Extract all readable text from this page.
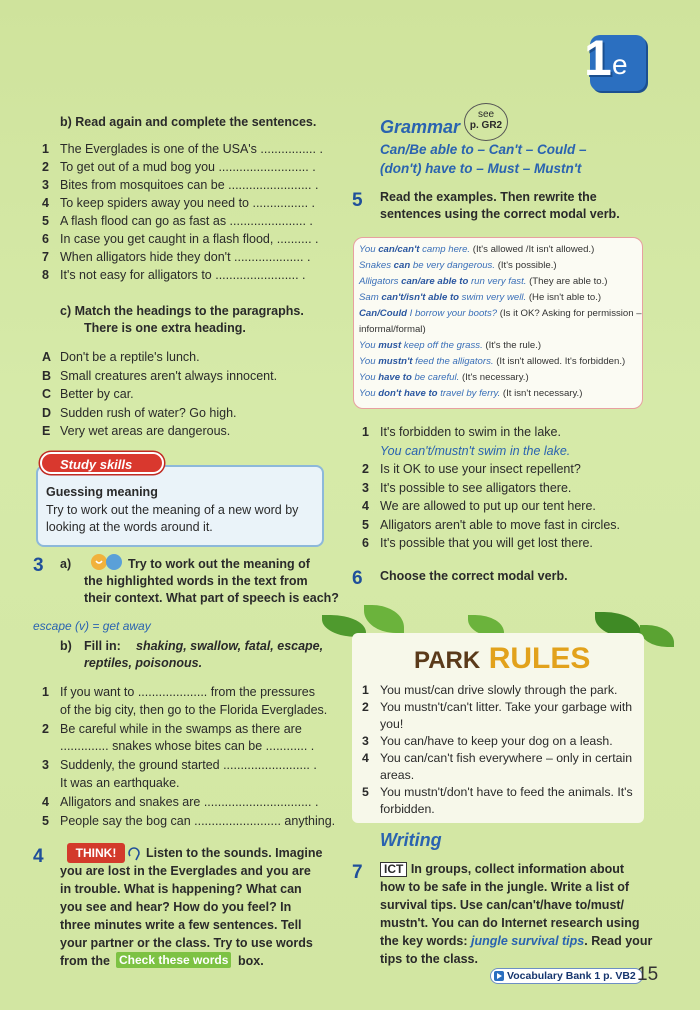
1 e
b) Read again and complete the sentences.
c) Match the headings to the paragraphs.
There is one extra heading.
Study skills
Guessing meaning
Try to work out the meaning of a new word by
looking at the words around it.
3 a)	Try to work out the meaning of
the highlighted words in the text from
their context. What part of speech is each?
escape (v) = get away
b) Fill in: shaking, swallow, fatal, escape,
reptiles, poisonous.
4	THINK!
from the Check these words box.
Grammar
see
p. GR2
Can/Be able to – Can't – Could –
(don't) have to – Must – Mustn't
5 Read the examples. Then rewrite the
sentences using the correct modal verb.
You can/can't camp here. (It's allowed /It isn't allowed.)
Snakes can be very dangerous. (It's possible.)
Alligators can/are able to run very fast. (They are able to.)
Sam can't/isn't able to swim very well. (He isn't able to.)
Can/Could I borrow your boots? (Is it OK? Asking for permission –
informal/formal)
You must keep off the grass. (It's the rule.)
You mustn't feed the alligators. (It isn't allowed. It's forbidden.)
You have to be careful. (It's necessary.)
You don't have to travel by ferry. (It isn't necessary.)
6 Choose the correct modal verb.
PARK RULES
Writing
7	ICT In groups, collect information about
how to be safe in the jungle. Write a list of
survival tips. Use can/can't/have to/must/
mustn't. You can do Internet research using
the key words: jungle survival tips. Read your
tips to the class.
Vocabulary Bank 1 p. VB2 15
1 The Everglades is one of the USA's ................ .
2 To get out of a mud bog you .......................... .
3 Bites from mosquitoes can be ........................ .
4 To keep spiders away you need to ................ .
5 A flash flood can go as fast as ...................... .
6 In case you get caught in a flash flood, .......... .
7 When alligators hide they don't .................... .
8 It's not easy for alligators to ........................ .
A Don't be a reptile's lunch.
B Small creatures aren't always innocent.
C Better by car.
D Sudden rush of water? Go high.
E Very wet areas are dangerous.
1 If you want to .................... from the pressures
of the big city, then go to the Florida Everglades.
2 Be careful while in the swamps as there are
.............. snakes whose bites can be ............ .
3 Suddenly, the ground started ......................... .
It was an earthquake.
4 Alligators and snakes are ............................... .
5 People say the bog can ......................... anything.
Listen to the sounds. Imagine
you are lost in the Everglades and you are
in trouble. What is happening? What can
you see and hear? How do you feel? In
three minutes write a few sentences. Tell
your partner or the class. Try to use words
1 It's forbidden to swim in the lake.
You can't/mustn't swim in the lake.
2 Is it OK to use your insect repellent?
3 It's possible to see alligators there.
4 We are allowed to put up our tent here.
5 Alligators aren't able to move fast in circles.
6 It's possible that you will get lost there.
1 You must/can drive slowly through the park.
2 You mustn't/can't litter. Take your garbage with
you!
3 You can/have to keep your dog on a leash.
4 You can/can't fish everywhere – only in certain
areas.
5 You mustn't/don't have to feed the animals. It's
forbidden.
